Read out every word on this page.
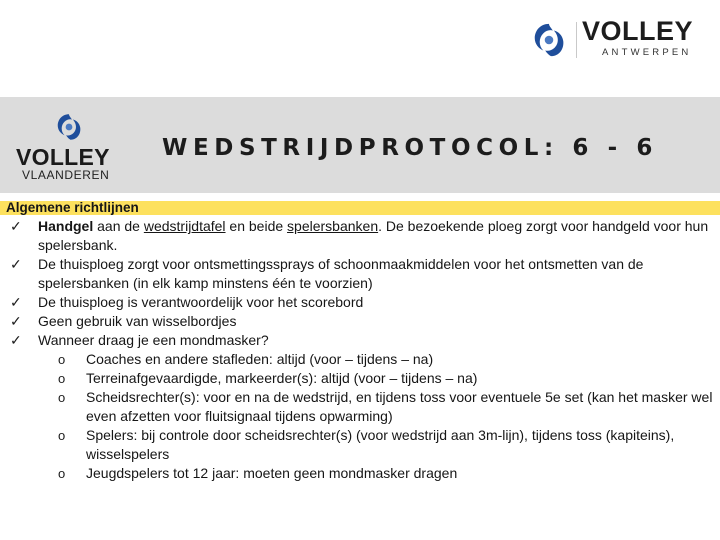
VOLLEY
ANTWERPEN
VOLLEY
VLAANDEREN
WEDSTRIJDPROTOCOL: 6 - 6
Algemene richtlijnen
✓ Handgel aan de wedstrijdtafel en beide spelersbanken. De bezoekende ploeg zorgt voor handgeld voor hun spelersbank.
✓ De thuisploeg zorgt voor ontsmettingssprays of schoonmaakmiddelen voor het ontsmetten van de spelersbanken (in elk kamp minstens één te voorzien)
✓ De thuisploeg is verantwoordelijk voor het scorebord
✓ Geen gebruik van wisselbordjes
✓ Wanneer draag je een mondmasker?
o Coaches en andere stafleden: altijd (voor – tijdens – na)
o Terreinafgevaardigde, markeerder(s): altijd (voor – tijdens – na)
o Scheidsrechter(s): voor en na de wedstrijd, en tijdens toss voor eventuele 5e set (kan het masker wel even afzetten voor fluitsignaal tijdens opwarming)
o Spelers: bij controle door scheidsrechter(s) (voor wedstrijd aan 3m-lijn), tijdens toss (kapiteins), wisselspelers
o Jeugdspelers tot 12 jaar: moeten geen mondmasker dragen
